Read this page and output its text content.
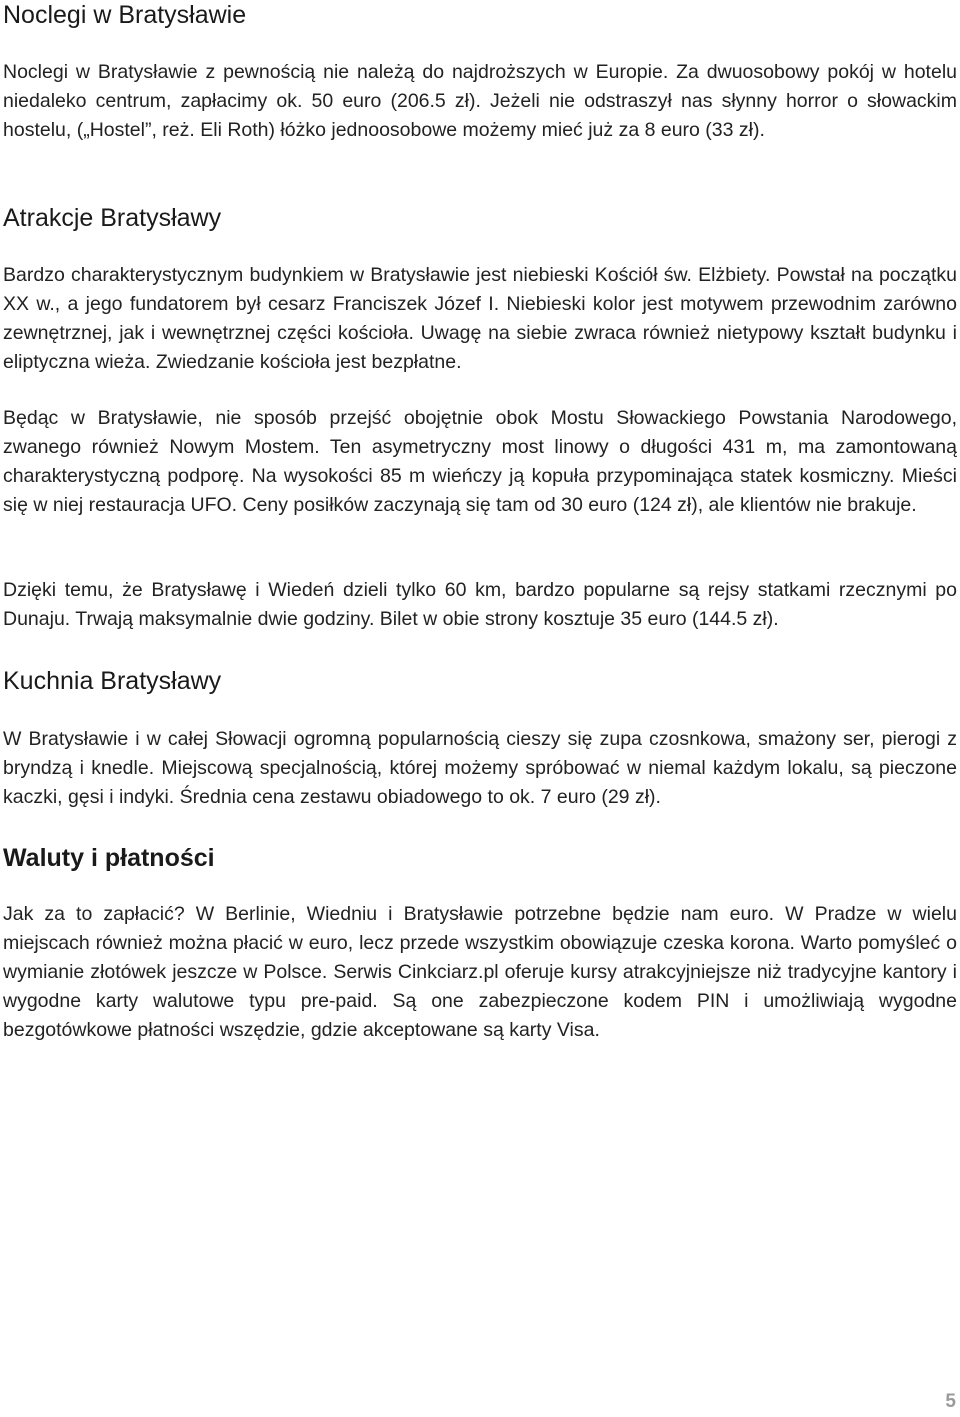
Noclegi w Bratysławie

Noclegi w Bratysławie z pewnością nie należą do najdroższych w Europie. Za dwuosobowy pokój w hotelu niedaleko centrum, zapłacimy ok. 50 euro (206.5 zł). Jeżeli nie odstraszył nas słynny horror o słowackim hostelu, („Hostel”, reż. Eli Roth) łóżko jednoosobowe możemy mieć już za 8 euro (33 zł).

Atrakcje Bratysławy

Bardzo charakterystycznym budynkiem w Bratysławie jest niebieski Kościół św. Elżbiety. Powstał na początku XX w., a jego fundatorem był cesarz Franciszek Józef I. Niebieski kolor jest motywem przewodnim zarówno zewnętrznej, jak i wewnętrznej części kościoła. Uwagę na siebie zwraca również nietypowy kształt budynku i eliptyczna wieża. Zwiedzanie kościoła jest bezpłatne.

Będąc w Bratysławie, nie sposób przejść obojętnie obok Mostu Słowackiego Powstania Narodowego, zwanego również Nowym Mostem. Ten asymetryczny most linowy o długości 431 m, ma zamontowaną charakterystyczną podporę. Na wysokości 85 m wieńczy ją kopuła przypominająca statek kosmiczny. Mieści się w niej restauracja UFO. Ceny posiłków zaczynają się tam od 30 euro (124 zł), ale klientów nie brakuje.

Dzięki temu, że Bratysławę i Wiedeń dzieli tylko 60 km, bardzo popularne są rejsy statkami rzecznymi po Dunaju. Trwają maksymalnie dwie godziny. Bilet w obie strony kosztuje 35 euro (144.5 zł).

Kuchnia Bratysławy

W Bratysławie i w całej Słowacji ogromną popularnością cieszy się zupa czosnkowa, smażony ser, pierogi z bryndzą i knedle. Miejscową specjalnością, której możemy spróbować w niemal każdym lokalu, są pieczone kaczki, gęsi i indyki. Średnia cena zestawu obiadowego to ok. 7 euro (29 zł).

Waluty i płatności

Jak za to zapłacić? W Berlinie, Wiedniu i Bratysławie potrzebne będzie nam euro. W Pradze w wielu miejscach również można płacić w euro, lecz przede wszystkim obowiązuje czeska korona. Warto pomyśleć o wymianie złotówek jeszcze w Polsce. Serwis Cinkciarz.pl oferuje kursy atrakcyjniejsze niż tradycyjne kantory i wygodne karty walutowe typu pre-paid. Są one zabezpieczone kodem PIN i umożliwiają wygodne bezgotówkowe płatności wszędzie, gdzie akceptowane są karty Visa.

5
